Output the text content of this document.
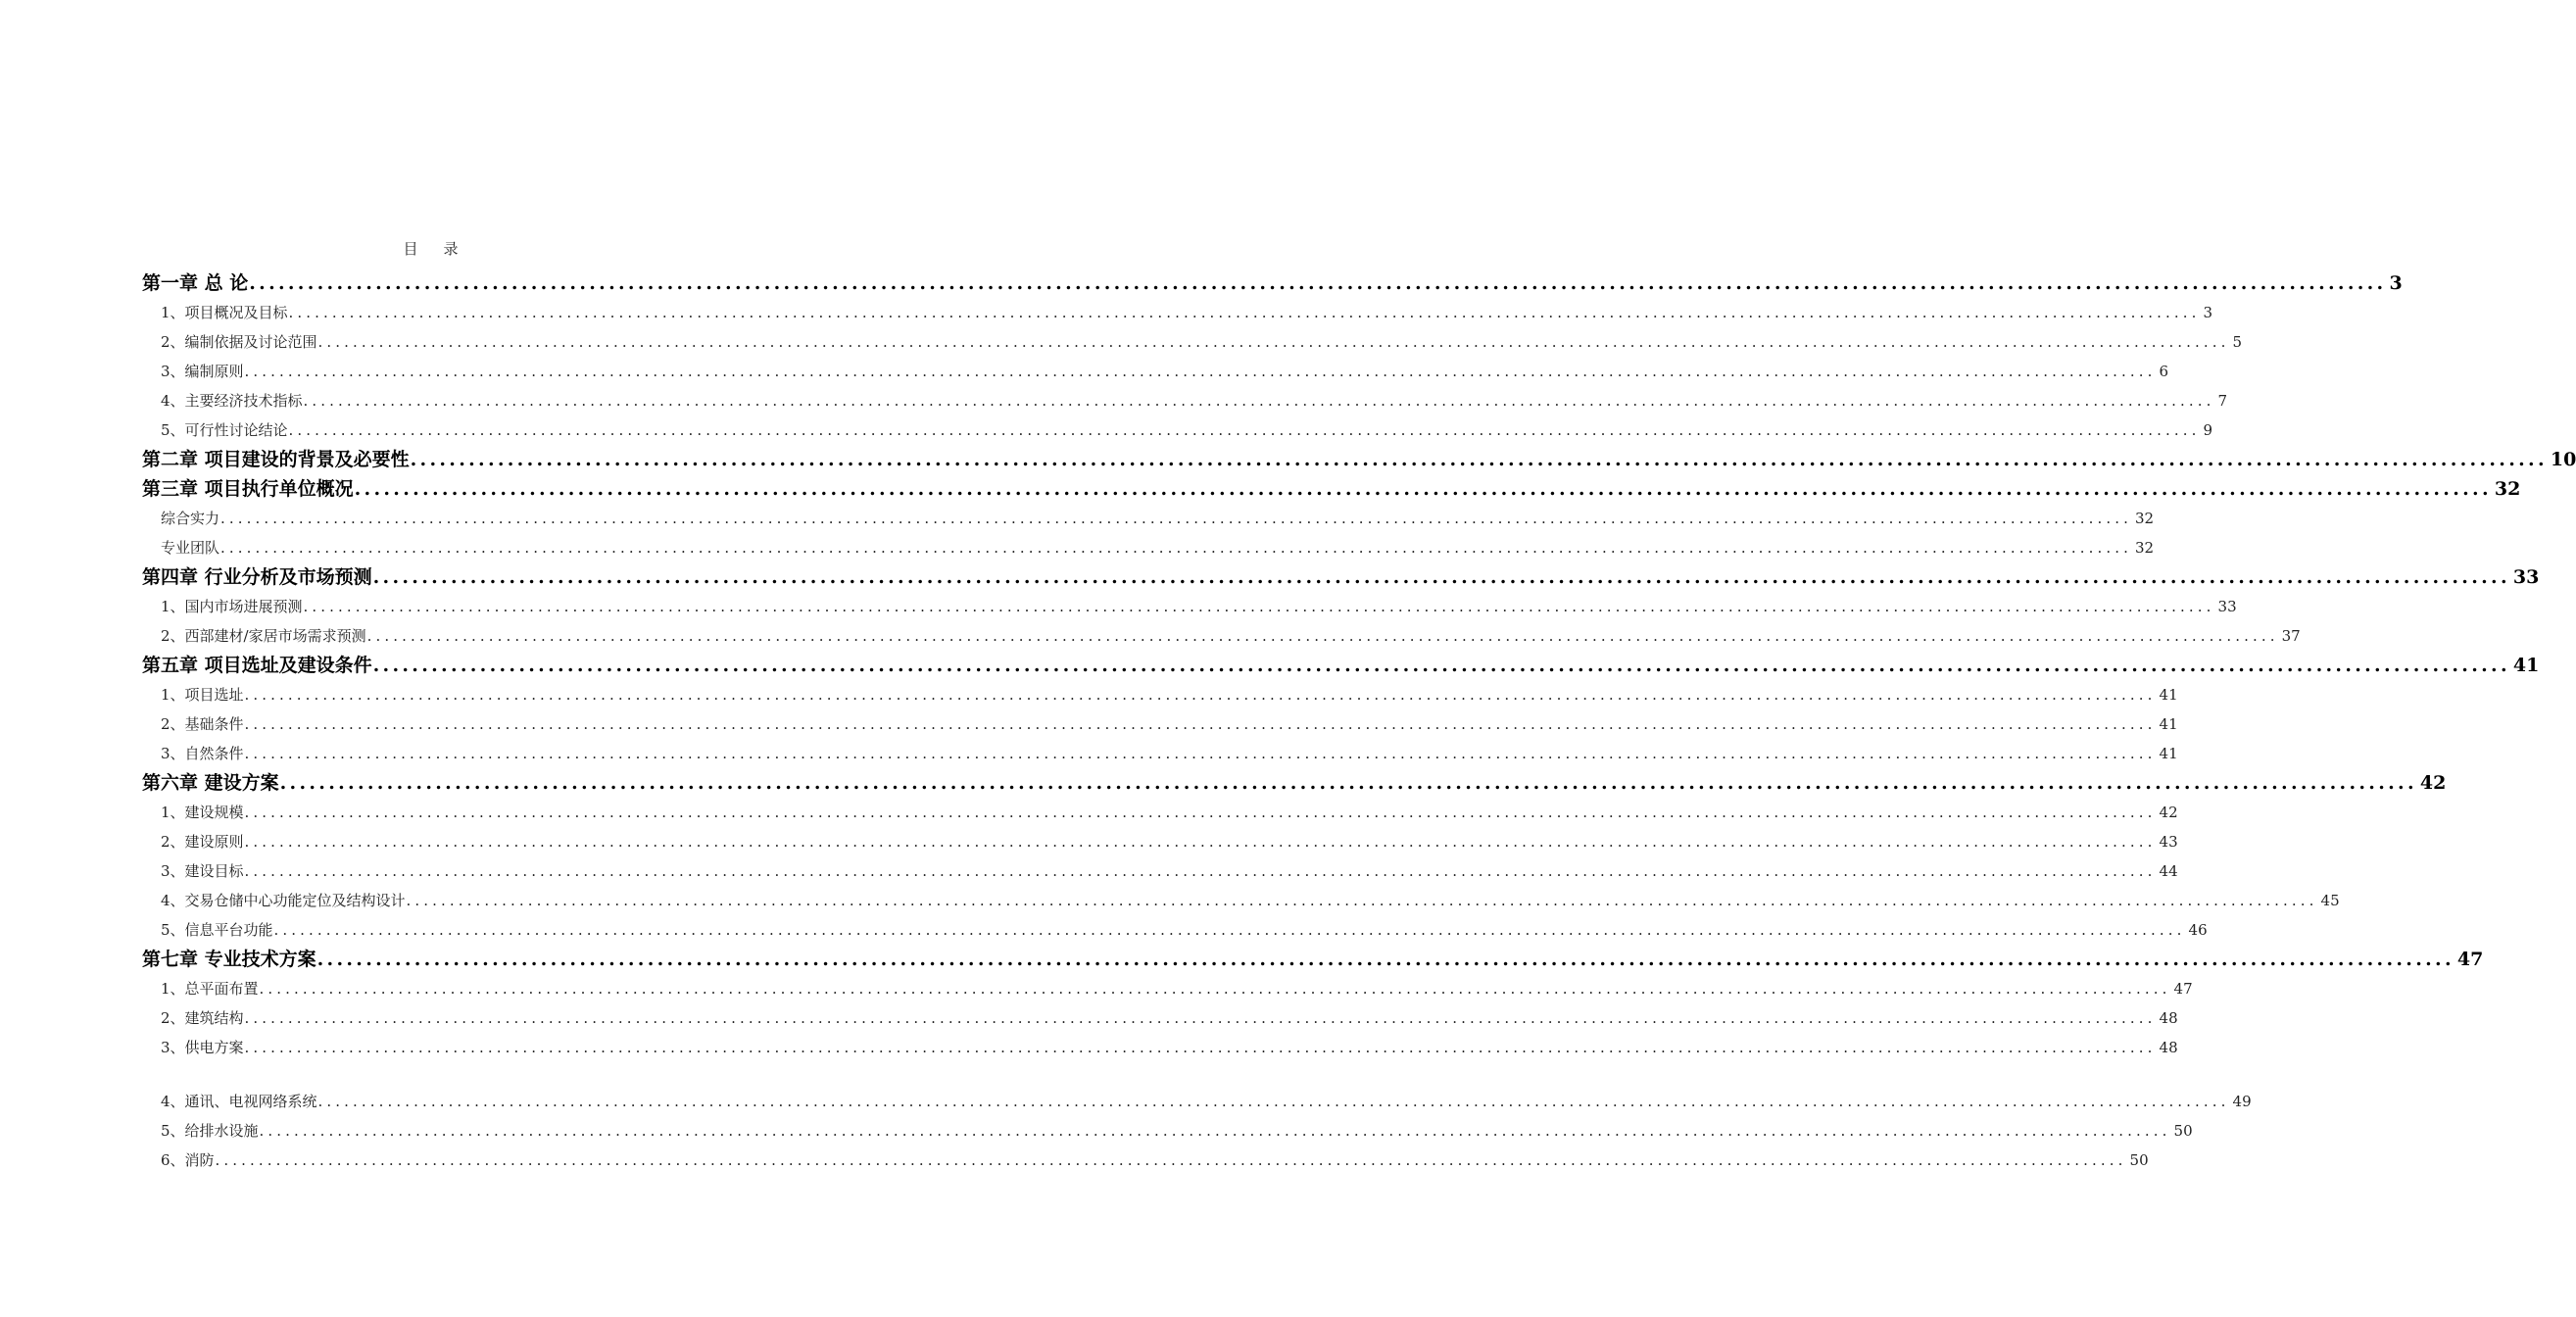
目录
第一章 总 论 ............................................................................................................................................................................................................................ 3
1、项目概况及目标 ............................................................................................................................................................................................................................ 3
2、编制依据及讨论范围 ............................................................................................................................................................................................................................ 5
3、编制原则 ............................................................................................................................................................................................................................ 6
4、主要经济技术指标 ............................................................................................................................................................................................................................ 7
5、可行性讨论结论 ............................................................................................................................................................................................................................ 9
第二章 项目建设的背景及必要性 ............................................................................................................................................................................................................................ 10
第三章 项目执行单位概况 ............................................................................................................................................................................................................................ 32
综合实力 ............................................................................................................................................................................................................................ 32
专业团队 ............................................................................................................................................................................................................................ 32
第四章 行业分析及市场预测 ............................................................................................................................................................................................................................ 33
1、国内市场进展预测 ............................................................................................................................................................................................................................ 33
2、西部建材/家居市场需求预测 ............................................................................................................................................................................................................................ 37
第五章 项目选址及建设条件 ............................................................................................................................................................................................................................ 41
1、项目选址 ............................................................................................................................................................................................................................ 41
2、基础条件 ............................................................................................................................................................................................................................ 41
3、自然条件 ............................................................................................................................................................................................................................ 41
第六章 建设方案 ............................................................................................................................................................................................................................ 42
1、建设规模 ............................................................................................................................................................................................................................ 42
2、建设原则 ............................................................................................................................................................................................................................ 43
3、建设目标 ............................................................................................................................................................................................................................ 44
4、交易仓储中心功能定位及结构设计 ............................................................................................................................................................................................................................ 45
5、信息平台功能 ............................................................................................................................................................................................................................ 46
第七章 专业技术方案 ............................................................................................................................................................................................................................ 47
1、总平面布置 ............................................................................................................................................................................................................................ 47
2、建筑结构 ............................................................................................................................................................................................................................ 48
3、供电方案 ............................................................................................................................................................................................................................ 48
4、通讯、电视网络系统 ............................................................................................................................................................................................................................ 49
5、给排水设施 ............................................................................................................................................................................................................................ 50
6、消防 ............................................................................................................................................................................................................................ 50
